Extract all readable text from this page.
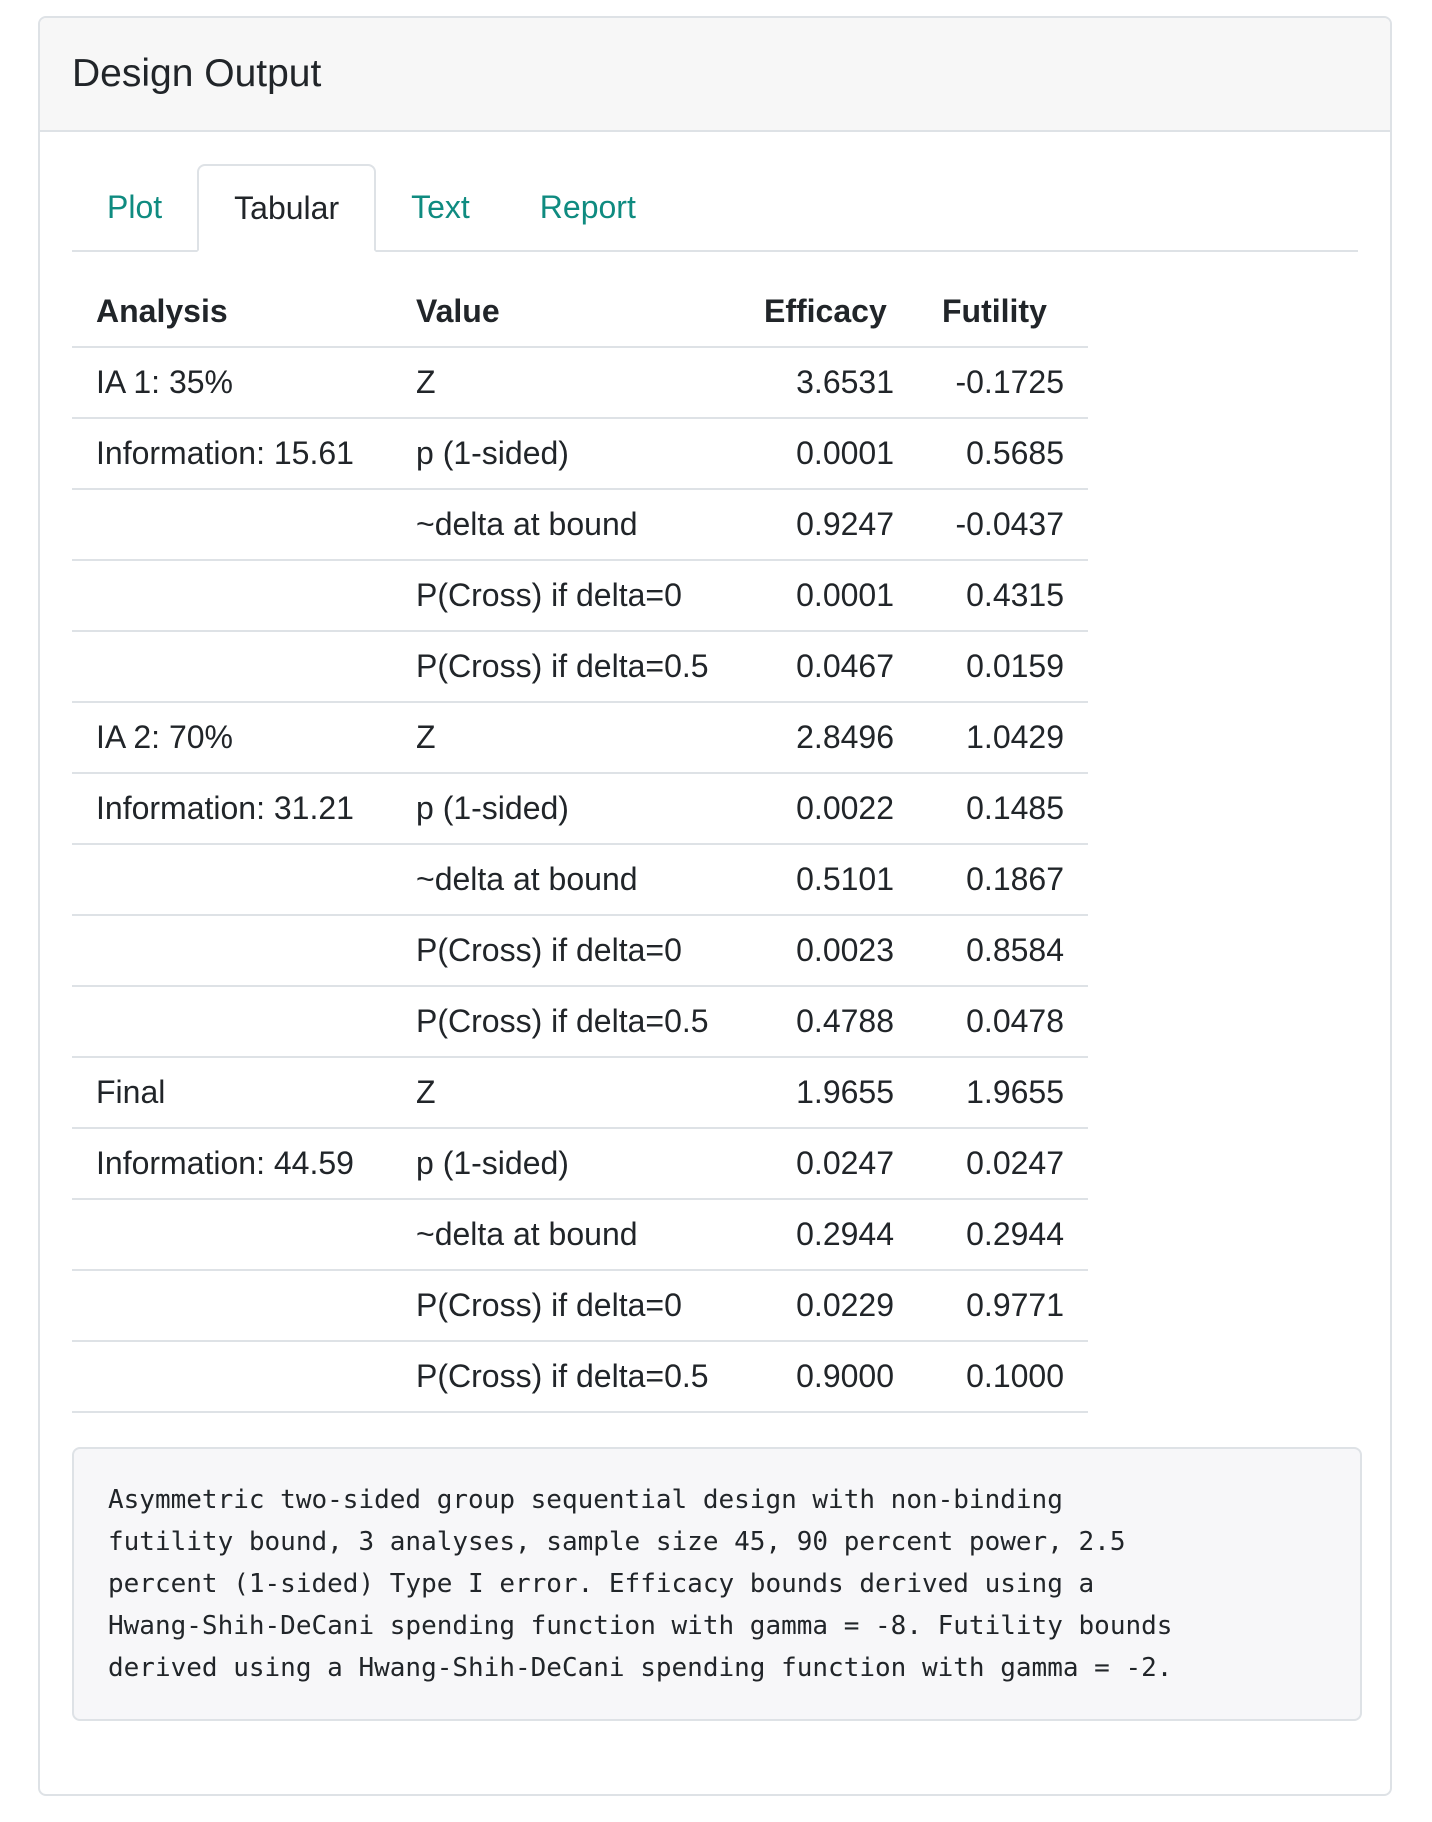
Design Output
Plot	Tabular	Text	Report
Analysis	Value	Efficacy	Futility
IA 1: 35%	Z	3.6531	-0.1725
Information: 15.61	p (1-sided)	0.0001	0.5685
	~delta at bound	0.9247	-0.0437
	P(Cross) if delta=0	0.0001	0.4315
	P(Cross) if delta=0.5	0.0467	0.0159
IA 2: 70%	Z	2.8496	1.0429
Information: 31.21	p (1-sided)	0.0022	0.1485
	~delta at bound	0.5101	0.1867
	P(Cross) if delta=0	0.0023	0.8584
	P(Cross) if delta=0.5	0.4788	0.0478
Final	Z	1.9655	1.9655
Information: 44.59	p (1-sided)	0.0247	0.0247
	~delta at bound	0.2944	0.2944
	P(Cross) if delta=0	0.0229	0.9771
	P(Cross) if delta=0.5	0.9000	0.1000
Asymmetric two-sided group sequential design with non-binding
futility bound, 3 analyses, sample size 45, 90 percent power, 2.5
percent (1-sided) Type I error. Efficacy bounds derived using a
Hwang-Shih-DeCani spending function with gamma = -8. Futility bounds
derived using a Hwang-Shih-DeCani spending function with gamma = -2.
